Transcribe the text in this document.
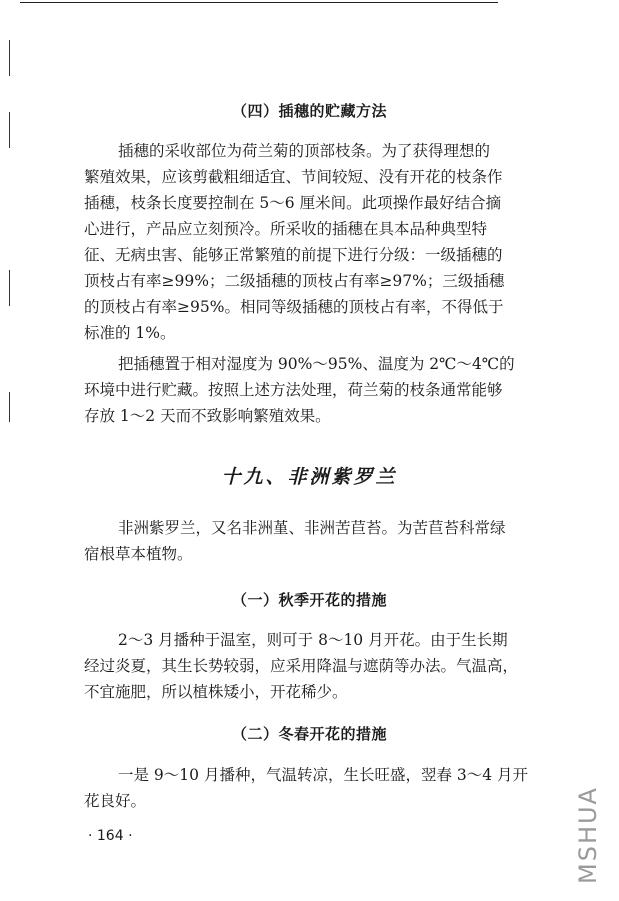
（四）插穗的贮藏方法
插穗的采收部位为荷兰菊的顶部枝条。为了获得理想的
繁殖效果，应该剪截粗细适宜、节间较短、没有开花的枝条作
插穗，枝条长度要控制在 5～6 厘米间。此项操作最好结合摘
心进行，产品应立刻预冷。所采收的插穗在具本品种典型特
征、无病虫害、能够正常繁殖的前提下进行分级：一级插穗的
顶枝占有率≥99%；二级插穗的顶枝占有率≥97%；三级插穗
的顶枝占有率≥95%。相同等级插穗的顶枝占有率，不得低于
标准的 1%。
把插穗置于相对湿度为 90%～95%、温度为 2℃～4℃的
环境中进行贮藏。按照上述方法处理，荷兰菊的枝条通常能够
存放 1～2 天而不致影响繁殖效果。
十九、非洲紫罗兰
非洲紫罗兰，又名非洲堇、非洲苦苣苔。为苦苣苔科常绿
宿根草本植物。
（一）秋季开花的措施
2～3 月播种于温室，则可于 8～10 月开花。由于生长期
经过炎夏，其生长势较弱，应采用降温与遮荫等办法。气温高，
不宜施肥，所以植株矮小，开花稀少。
（二）冬春开花的措施
一是 9～10 月播种，气温转凉，生长旺盛，翌春 3～4 月开
花良好。
· 164 ·	MSHUA
